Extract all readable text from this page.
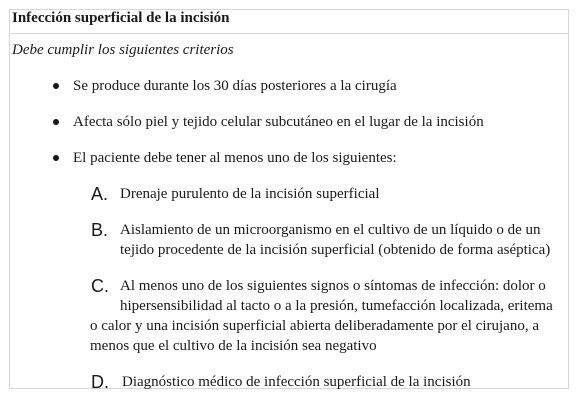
Infección superficial de la incisión
Debe cumplir los siguientes criterios
Se produce durante los 30 días posteriores a la cirugía
Afecta sólo piel y tejido celular subcutáneo en el lugar de la incisión
El paciente debe tener al menos uno de los siguientes:
A. Drenaje purulento de la incisión superficial
B. Aislamiento de un microorganismo en el cultivo de un líquido o de un
tejido procedente de la incisión superficial (obtenido de forma aséptica)
C. Al menos uno de los siguientes signos o síntomas de infección: dolor o
hipersensibilidad al tacto o a la presión, tumefacción localizada, eritema
o calor y una incisión superficial abierta deliberadamente por el cirujano, a
menos que el cultivo de la incisión sea negativo
D. Diagnóstico médico de infección superficial de la incisión
